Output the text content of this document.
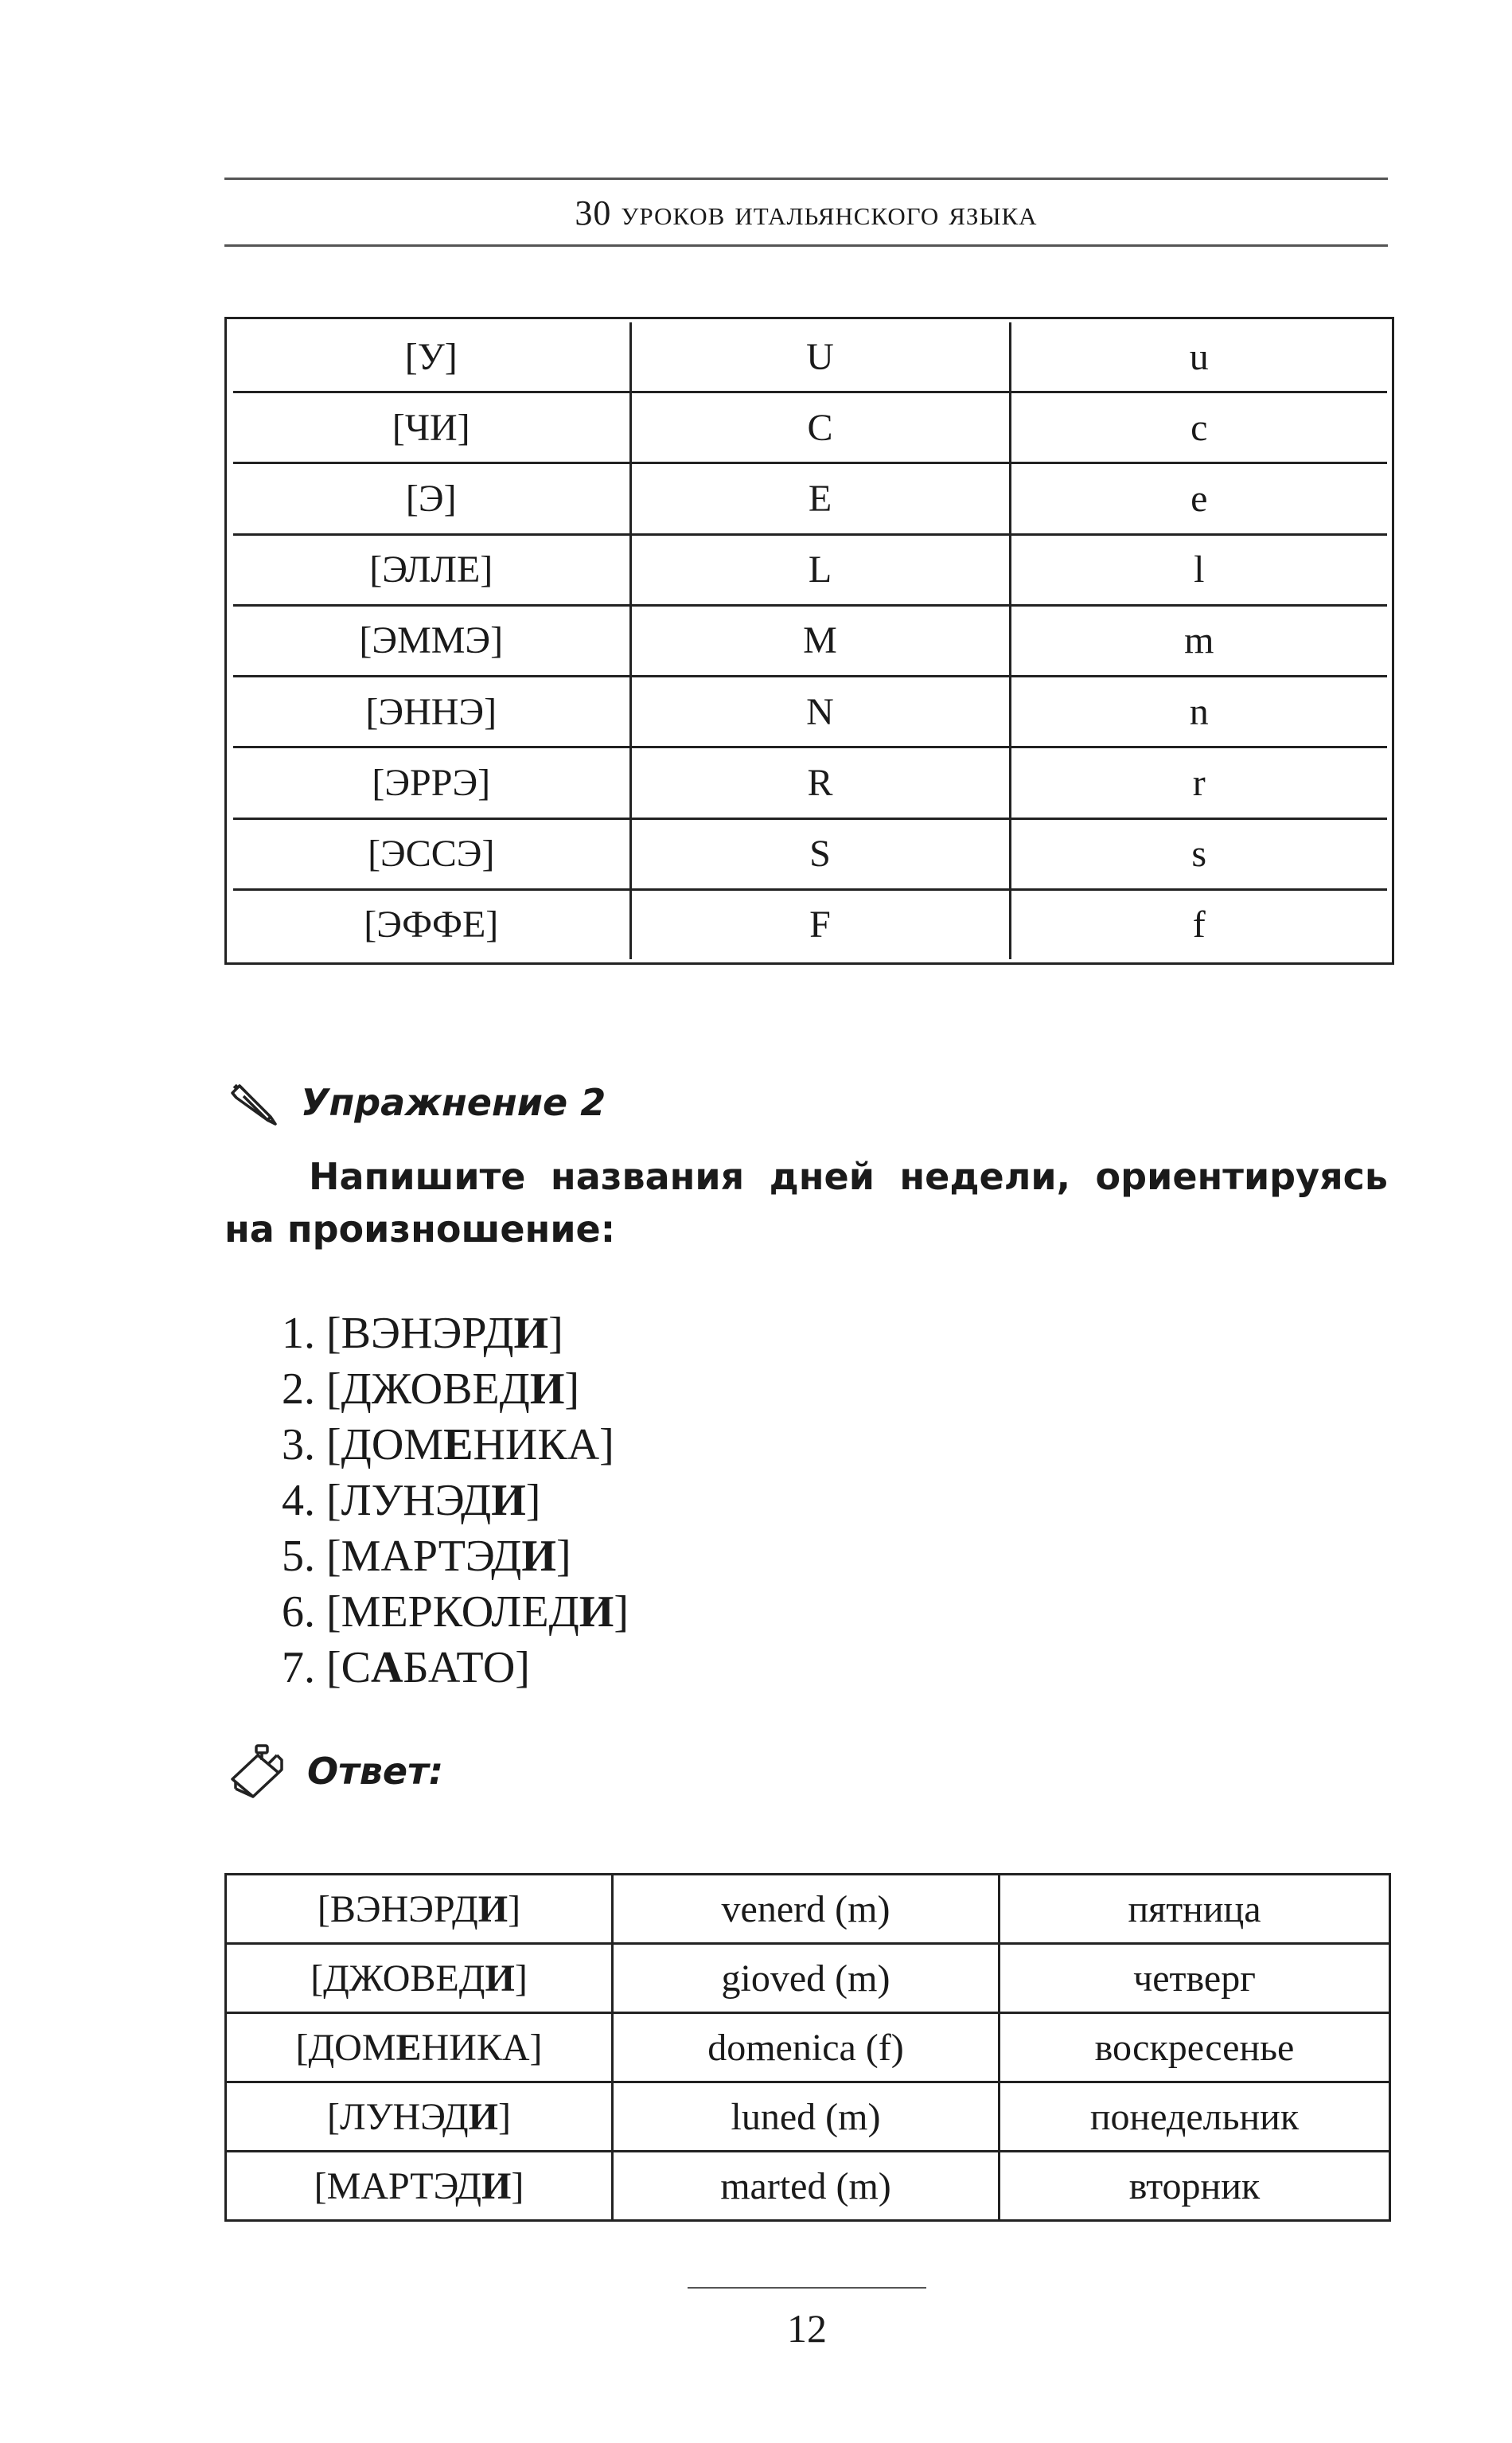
30 уроков итальянского языка
[У]	U	u
[ЧИ]	C	c
[Э]	E	e
[ЭЛЛЕ]	L	l
[ЭММЭ]	M	m
[ЭННЭ]	N	n
[ЭРРЭ]	R	r
[ЭССЭ]	S	s
[ЭФФЕ]	F	f
Упражнение 2

Напишите названия дней недели, ориентируясь на произношение:

1. [ВЭНЭРДИ]
2. [ДЖОВЕДИ]
3. [ДОМЕНИКА]
4. [ЛУНЭДИ]
5. [МАРТЭДИ]
6. [МЕРКОЛЕДИ]
7. [САБАТО]
Ответ:
[ВЭНЭРДИ]	venerd (m)	пятница
[ДЖОВЕДИ]	gioved (m)	четверг
[ДОМЕНИКА]	domenica (f)	воскресенье
[ЛУНЭДИ]	luned (m)	понедельник
[МАРТЭДИ]	marted (m)	вторник
12
